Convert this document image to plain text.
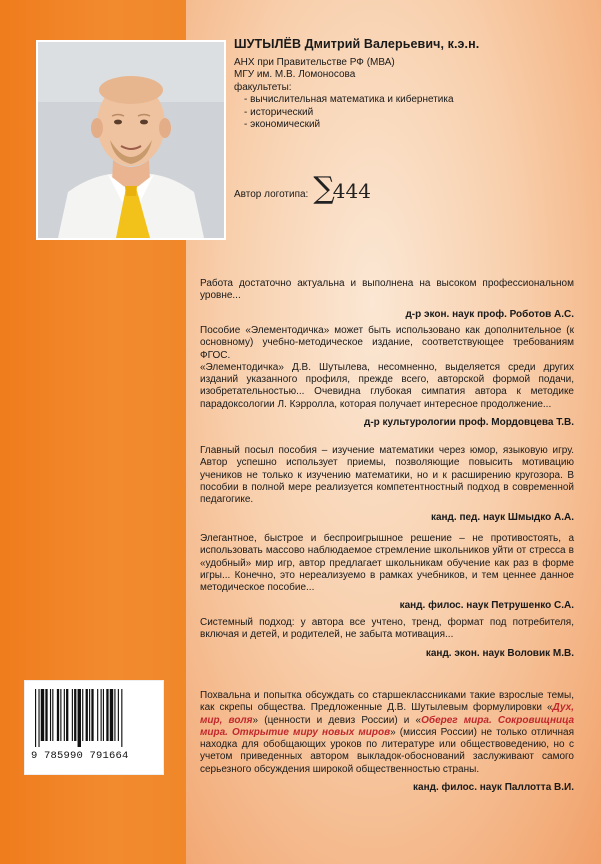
ШУТЫЛЁВ Дмитрий Валерьевич, к.э.н.
АНХ при Правительстве РФ (МВА)
МГУ им. М.В. Ломоносова
факультеты:
- вычислительная математика и кибернетика
- исторический
- экономический
Автор логотипа: ∑444

Работа достаточно актуальна и выполнена на высоком профессиональном уровне...

д-р экон. наук проф. Роботов А.С.

Пособие «Элементодичка» может быть использовано как дополнительное (к основному) учебно-методическое издание, соответствующее требованиям ФГОС.

«Элементодичка» Д.В. Шутылева, несомненно, выделяется среди других изданий указанного профиля, прежде всего, авторской формой подачи, изобретательностью... Очевидна глубокая симпатия автора к методике парадоксологии Л. Кэрролла, которая получает интересное продолжение...

д-р культурологии проф. Мордовцева Т.В.

Главный посыл пособия – изучение математики через юмор, языковую игру. Автор успешно использует приемы, позволяющие повысить мотивацию учеников не только к изучению математики, но и к расширению кругозора. В пособии в полной мере реализуется компетентностный подход в современной педагогике.

канд. пед. наук Шмыдко А.А.

Элегантное, быстрое и беспроигрышное решение – не противостоять, а использовать массово наблюдаемое стремление школьников уйти от стресса в «удобный» мир игр, автор предлагает школьникам обучение как раз в форме игры... Конечно, это нереализуемо в рамках учебников, и тем ценнее данное методическое пособие...

канд. филос. наук Петрушенко С.А.

Системный подход: у автора все учтено, тренд, формат под потребителя, включая и детей, и родителей, не забыта мотивация...

канд. экон. наук Воловик М.В.

Похвальна и попытка обсуждать со старшеклассниками такие взрослые темы, как скрепы общества. Предложенные Д.В. Шутылевым формулировки «Дух, мир, воля» (ценности и девиз России) и «Оберег мира. Сокровищница мира. Открытие миру новых миров» (миссия России) не только отличная находка для обобщающих уроков по литературе или обществоведению, но с учетом приведенных автором выкладок-обоснований заслуживают самого серьезного обсуждения широкой общественностью страны.

канд. филос. наук Паллотта В.И.
9 785990 791664
